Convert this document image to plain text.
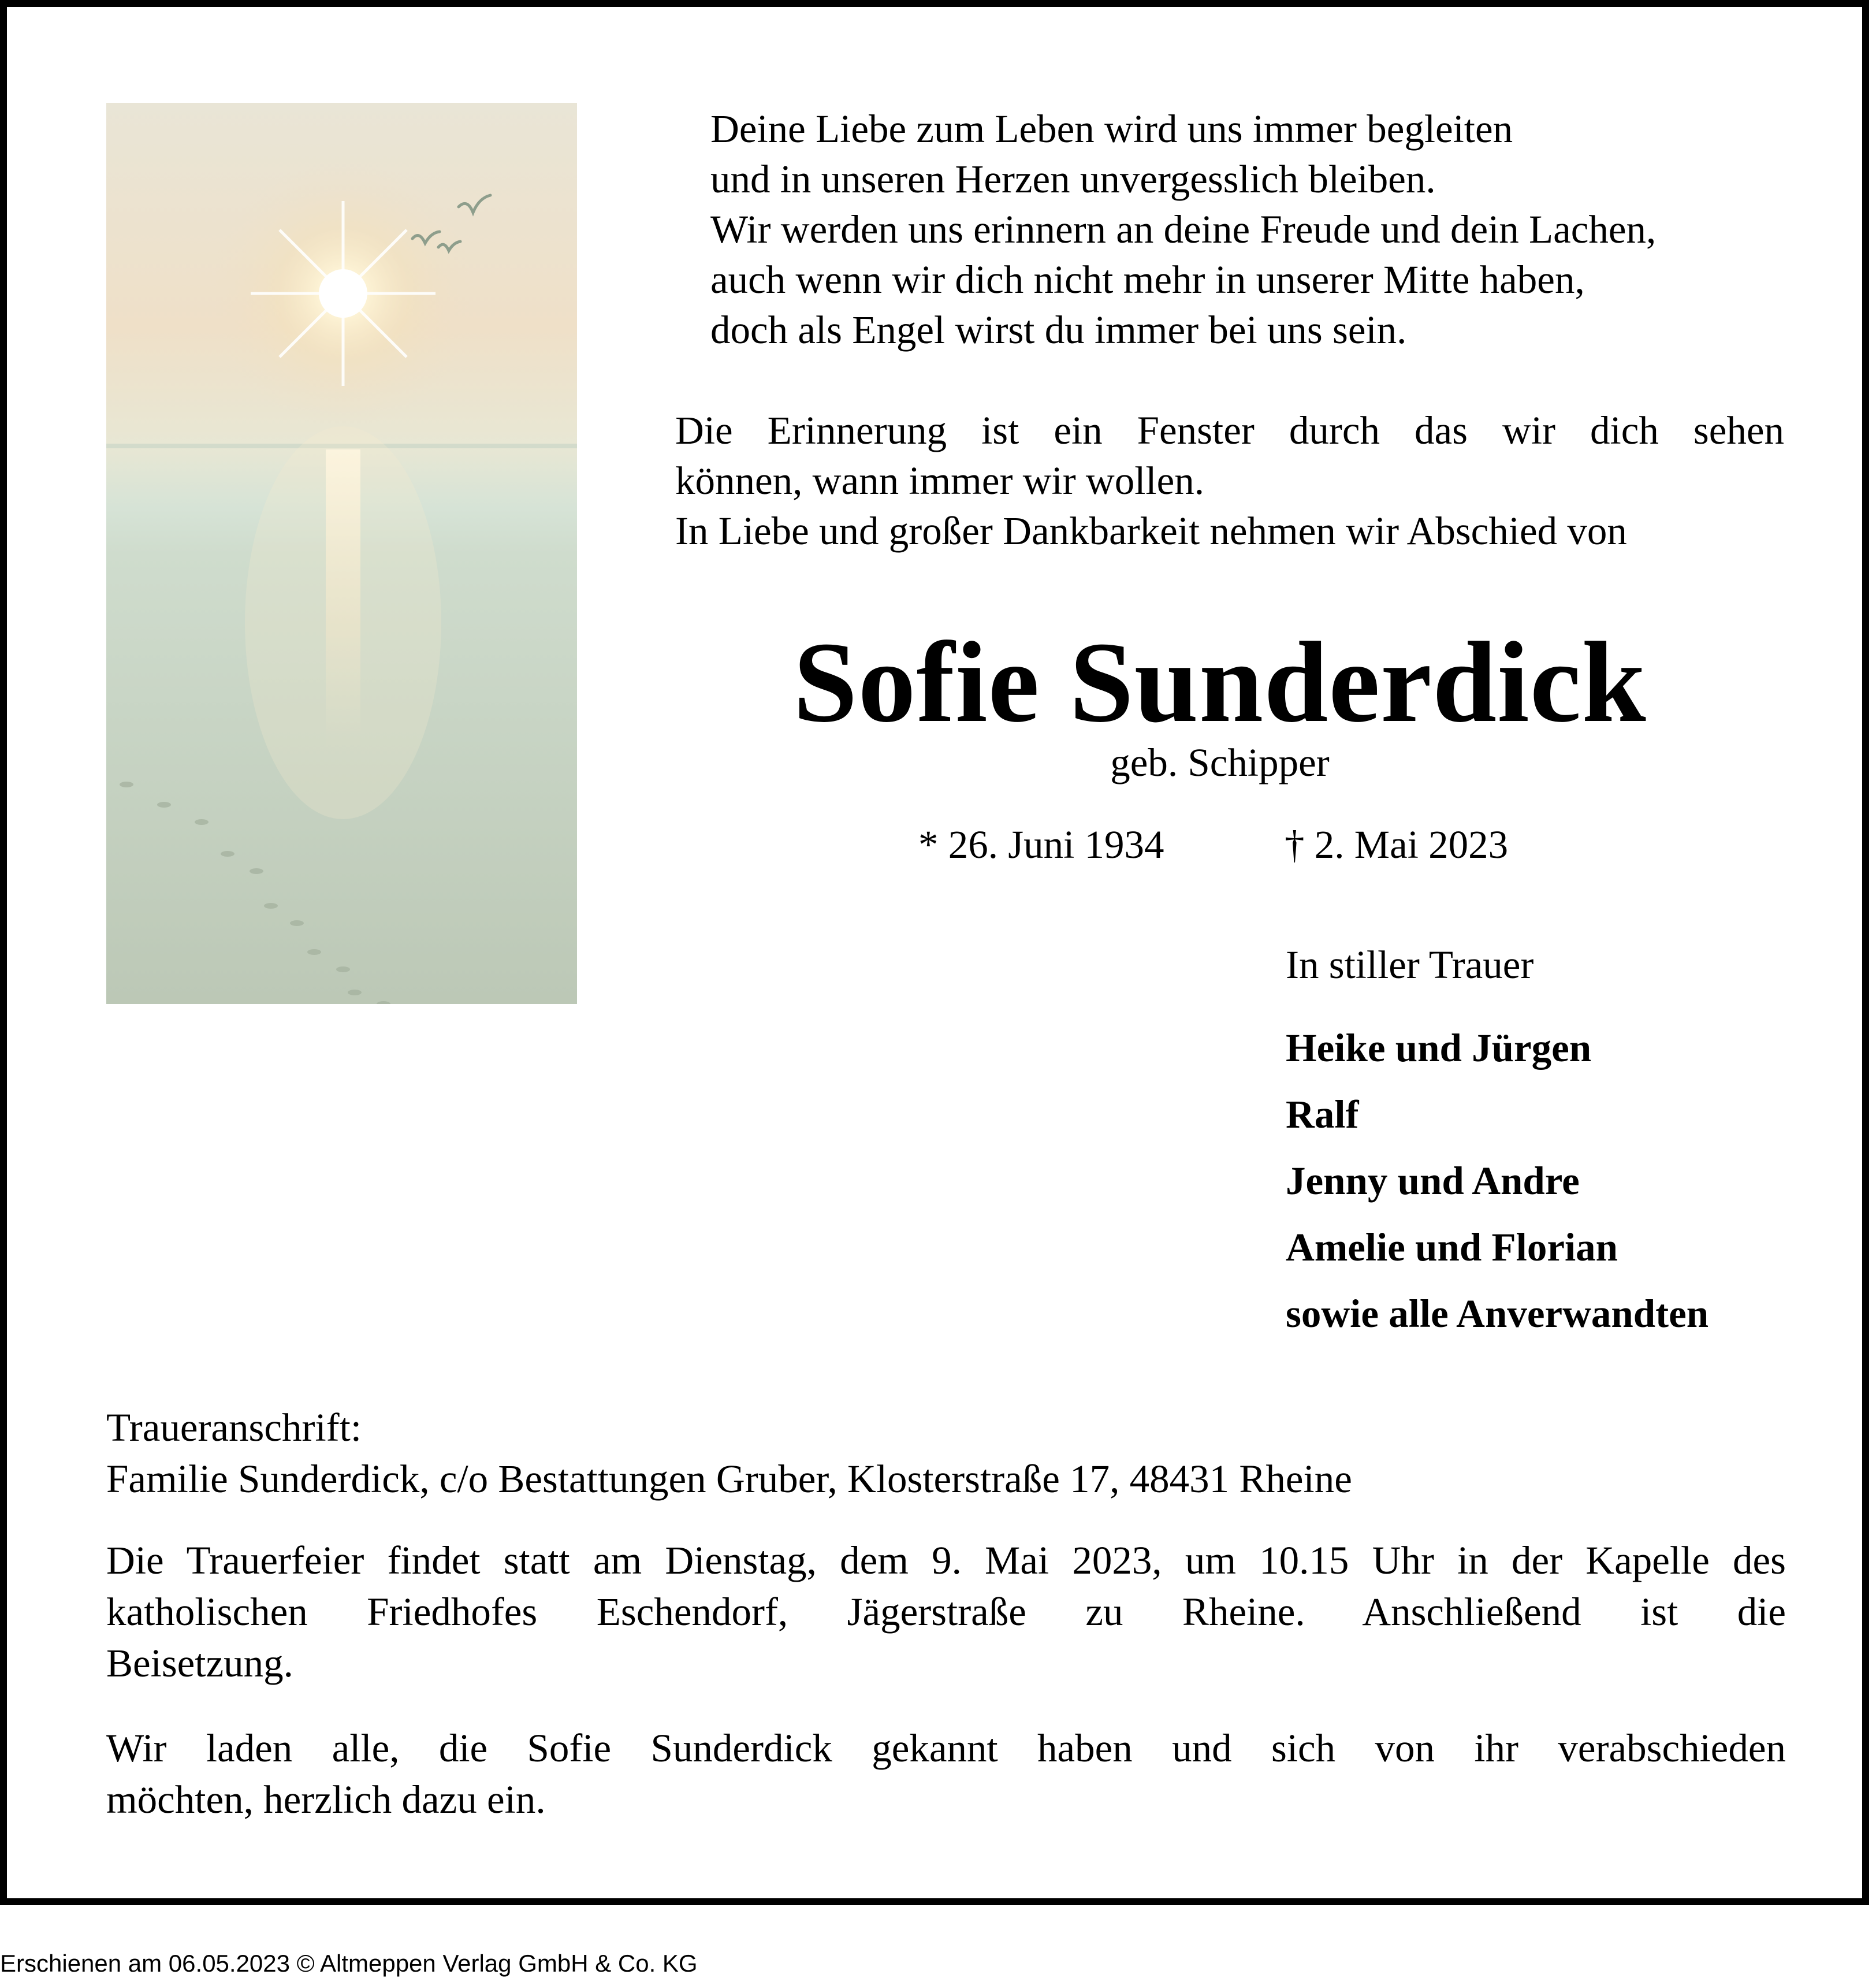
Deine Liebe zum Leben wird uns immer begleiten
und in unseren Herzen unvergesslich bleiben.
Wir werden uns erinnern an deine Freude und dein Lachen,
auch wenn wir dich nicht mehr in unserer Mitte haben,
doch als Engel wirst du immer bei uns sein.
Die Erinnerung ist ein Fenster durch das wir dich sehen
können, wann immer wir wollen.
In Liebe und großer Dankbarkeit nehmen wir Abschied von
Sofie Sunderdick
geb. Schipper
* 26. Juni 1934	† 2. Mai 2023
In stiller Trauer
Heike und Jürgen
Ralf
Jenny und Andre
Amelie und Florian
sowie alle Anverwandten
Traueranschrift:
Familie Sunderdick, c/o Bestattungen Gruber, Klosterstraße 17, 48431 Rheine
Die Trauerfeier findet statt am Dienstag, dem 9. Mai 2023, um 10.15 Uhr in der Kapelle des
katholischen Friedhofes Eschendorf, Jägerstraße zu Rheine. Anschließend ist die
Beisetzung.
Wir laden alle, die Sofie Sunderdick gekannt haben und sich von ihr verabschieden
möchten, herzlich dazu ein.
Erschienen am 06.05.2023 © Altmeppen Verlag GmbH & Co. KG
